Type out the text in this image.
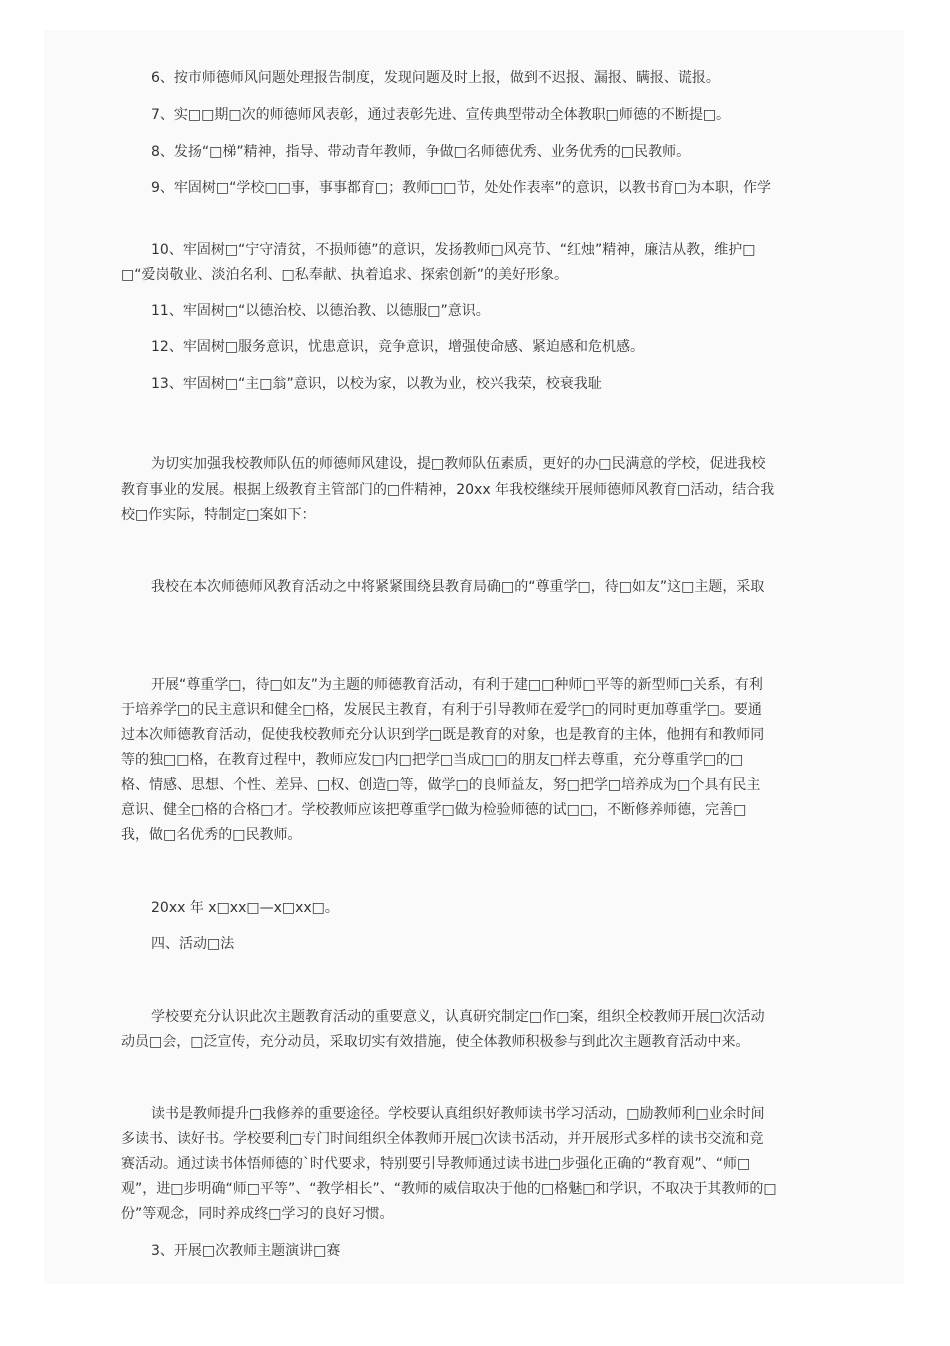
6、按市师德师风问题处理报告制度，发现问题及时上报，做到不迟报、漏报、瞒报、谎报。
7、实□□期□次的师德师风表彰，通过表彰先进、宣传典型带动全体教职□师德的不断提□。
8、发扬“□梯”精神，指导、带动青年教师，争做□名师德优秀、业务优秀的□民教师。
9、牢固树□“学校□□事，事事都育□；教师□□节，处处作表率”的意识，以教书育□为本职，作学
10、牢固树□“宁守清贫，不损师德”的意识，发扬教师□风亮节、“红烛”精神，廉洁从教，维护□
□“爱岗敬业、淡泊名利、□私奉献、执着追求、探索创新”的美好形象。
11、牢固树□“以德治校、以德治教、以德服□”意识。
12、牢固树□服务意识，忧患意识，竞争意识，增强使命感、紧迫感和危机感。
13、牢固树□“主□翁”意识，以校为家，以教为业，校兴我荣，校衰我耻
为切实加强我校教师队伍的师德师风建设，提□教师队伍素质，更好的办□民满意的学校，促进我校
教育事业的发展。根据上级教育主管部门的□件精神，20xx 年我校继续开展师德师风教育□活动，结合我
校□作实际，特制定□案如下：
我校在本次师德师风教育活动之中将紧紧围绕县教育局确□的“尊重学□，待□如友”这□主题，采取
开展“尊重学□，待□如友”为主题的师德教育活动，有利于建□□种师□平等的新型师□关系，有利
于培养学□的民主意识和健全□格，发展民主教育，有利于引导教师在爱学□的同时更加尊重学□。要通
过本次师德教育活动，促使我校教师充分认识到学□既是教育的对象，也是教育的主体，他拥有和教师同
等的独□□格，在教育过程中，教师应发□内□把学□当成□□的朋友□样去尊重，充分尊重学□的□
格、情感、思想、个性、差异、□权、创造□等，做学□的良师益友，努□把学□培养成为□个具有民主
意识、健全□格的合格□才。学校教师应该把尊重学□做为检验师德的试□□，不断修养师德，完善□
我，做□名优秀的□民教师。
20xx 年 x□xx□—x□xx□。
四、活动□法
学校要充分认识此次主题教育活动的重要意义，认真研究制定□作□案，组织全校教师开展□次活动
动员□会，□泛宣传，充分动员，采取切实有效措施，使全体教师积极参与到此次主题教育活动中来。
读书是教师提升□我修养的重要途径。学校要认真组织好教师读书学习活动，□励教师利□业余时间
多读书、读好书。学校要利□专门时间组织全体教师开展□次读书活动，并开展形式多样的读书交流和竞
赛活动。通过读书体悟师德的`时代要求，特别要引导教师通过读书进□步强化正确的“教育观”、“师□
观”，进□步明确“师□平等”、“教学相长”、“教师的威信取决于他的□格魅□和学识，不取决于其教师的□
份”等观念，同时养成终□学习的良好习惯。
3、开展□次教师主题演讲□赛
